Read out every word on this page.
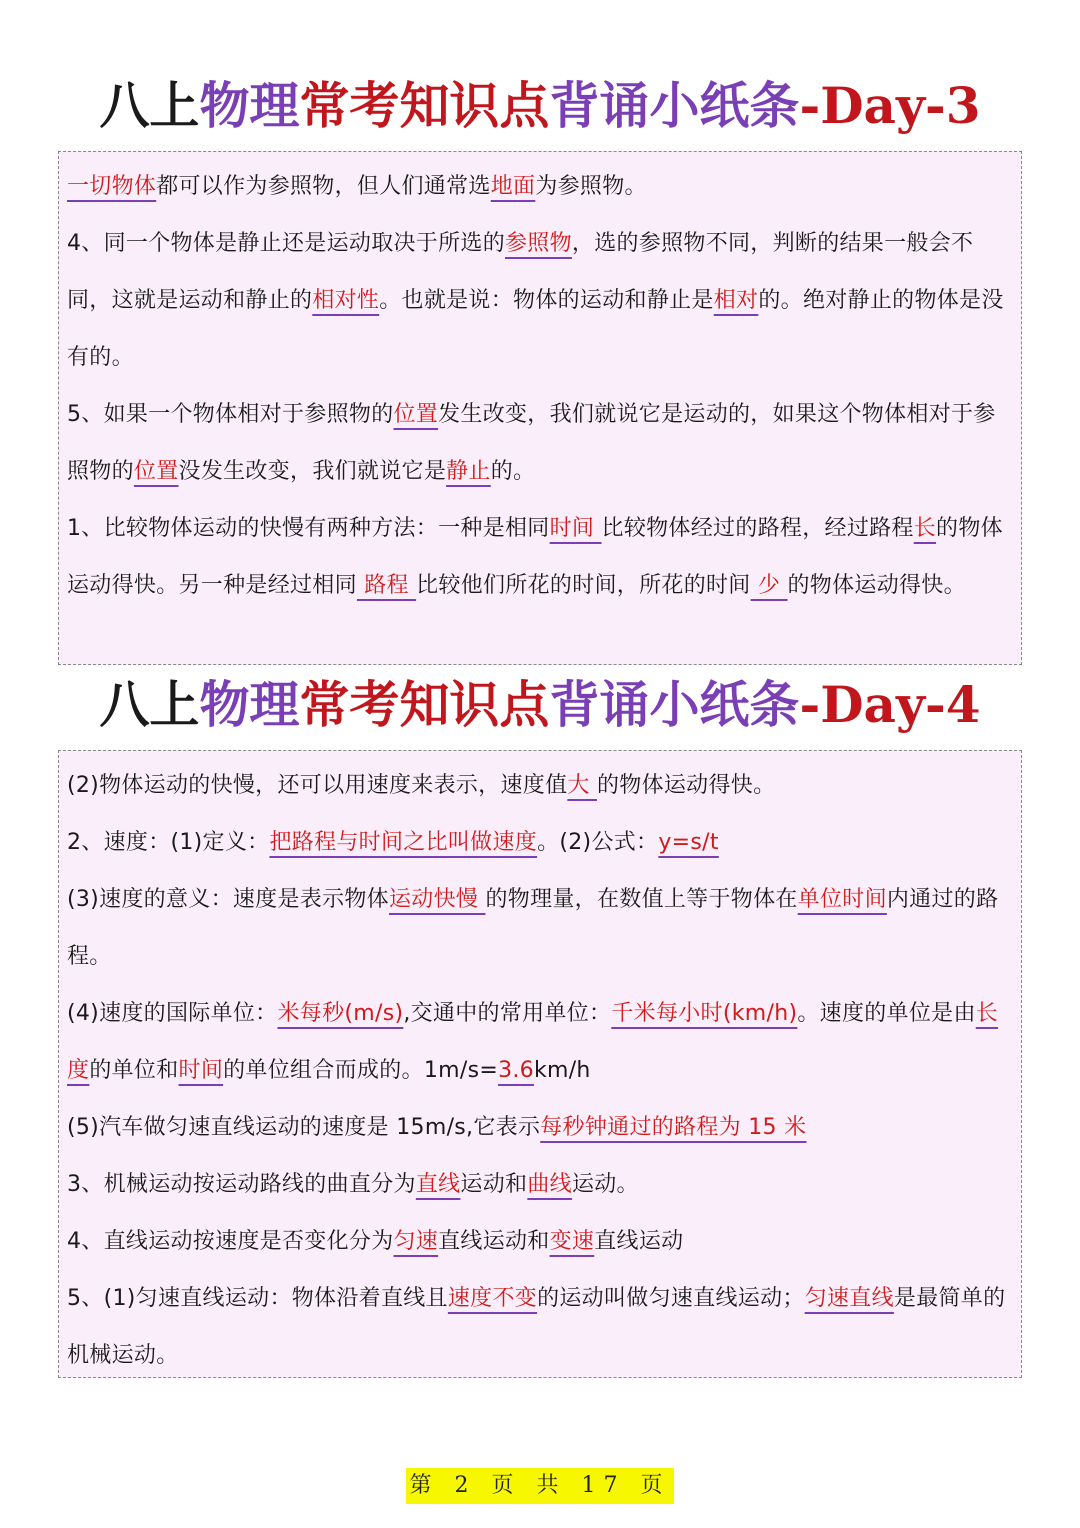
八上物理常考知识点背诵小纸条-Day-3

一切物体都可以作为参照物，但人们通常选地面为参照物。

4、同一个物体是静止还是运动取决于所选的参照物，选的参照物不同，判断的结果一般会不同，这就是运动和静止的相对性。也就是说：物体的运动和静止是相对的。绝对静止的物体是没有的。

5、如果一个物体相对于参照物的位置发生改变，我们就说它是运动的，如果这个物体相对于参照物的位置没发生改变，我们就说它是静止的。

1、比较物体运动的快慢有两种方法：一种是相同时间 比较物体经过的路程，经过路程长的物体运动得快。另一种是经过相同 路程 比较他们所花的时间，所花的时间 少 的物体运动得快。

八上物理常考知识点背诵小纸条-Day-4

(2)物体运动的快慢，还可以用速度来表示，速度值大 的物体运动得快。

2、速度：(1)定义：把路程与时间之比叫做速度。(2)公式：y=s/t

(3)速度的意义：速度是表示物体运动快慢 的物理量，在数值上等于物体在单位时间内通过的路程。

(4)速度的国际单位：米每秒(m/s),交通中的常用单位：千米每小时(km/h)。速度的单位是由长度的单位和时间的单位组合而成的。1m/s=3.6km/h

(5)汽车做匀速直线运动的速度是 15m/s,它表示每秒钟通过的路程为 15 米

3、机械运动按运动路线的曲直分为直线运动和曲线运动。

4、直线运动按速度是否变化分为匀速直线运动和变速直线运动

5、(1)匀速直线运动：物体沿着直线且速度不变的运动叫做匀速直线运动；匀速直线是最简单的机械运动。

第 2 页 共 17 页
